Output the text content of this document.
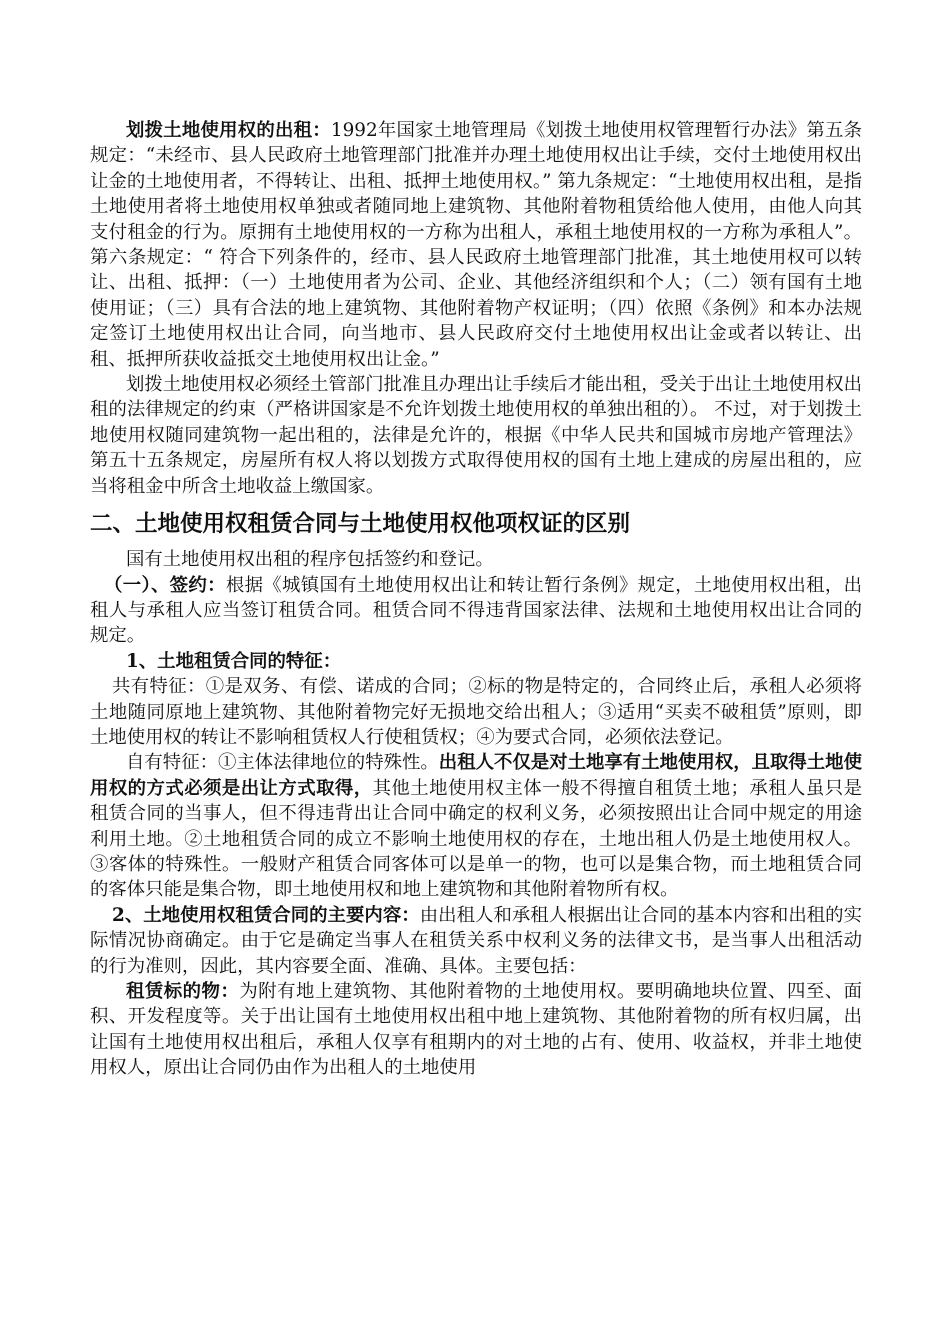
划拨土地使用权的出租：1992年国家土地管理局《划拨土地使用权管理暂行办法》第五条规定：“未经市、县人民政府土地管理部门批准并办理土地使用权出让手续，交付土地使用权出让金的土地使用者，不得转让、出租、抵押土地使用权。” 第九条规定：“土地使用权出租，是指土地使用者将土地使用权单独或者随同地上建筑物、其他附着物租赁给他人使用，由他人向其支付租金的行为。原拥有土地使用权的一方称为出租人，承租土地使用权的一方称为承租人”。第六条规定：“ 符合下列条件的，经市、县人民政府土地管理部门批准，其土地使用权可以转让、出租、抵押：（一）土地使用者为公司、企业、其他经济组织和个人；（二）领有国有土地使用证；（三）具有合法的地上建筑物、其他附着物产权证明；（四）依照《条例》和本办法规定签订土地使用权出让合同，向当地市、县人民政府交付土地使用权出让金或者以转让、出租、抵押所获收益抵交土地使用权出让金。”

划拨土地使用权必须经土管部门批准且办理出让手续后才能出租，受关于出让土地使用权出租的法律规定的约束（严格讲国家是不允许划拨土地使用权的单独出租的）。 不过，对于划拨土地使用权随同建筑物一起出租的，法律是允许的，根据《中华人民共和国城市房地产管理法》第五十五条规定，房屋所有权人将以划拨方式取得使用权的国有土地上建成的房屋出租的，应当将租金中所含土地收益上缴国家。

二、土地使用权租赁合同与土地使用权他项权证的区别

国有土地使用权出租的程序包括签约和登记。

（一）、签约：根据《城镇国有土地使用权出让和转让暂行条例》规定，土地使用权出租，出租人与承租人应当签订租赁合同。租赁合同不得违背国家法律、法规和土地使用权出让合同的规定。

1、土地租赁合同的特征：

共有特征：①是双务、有偿、诺成的合同；②标的物是特定的，合同终止后，承租人必须将土地随同原地上建筑物、其他附着物完好无损地交给出租人；③适用“买卖不破租赁”原则，即土地使用权的转让不影响租赁权人行使租赁权；④为要式合同，必须依法登记。

自有特征：①主体法律地位的特殊性。出租人不仅是对土地享有土地使用权，且取得土地使用权的方式必须是出让方式取得，其他土地使用权主体一般不得擅自租赁土地；承租人虽只是租赁合同的当事人，但不得违背出让合同中确定的权利义务，必须按照出让合同中规定的用途利用土地。②土地租赁合同的成立不影响土地使用权的存在，土地出租人仍是土地使用权人。③客体的特殊性。一般财产租赁合同客体可以是单一的物，也可以是集合物，而土地租赁合同的客体只能是集合物，即土地使用权和地上建筑物和其他附着物所有权。

2、土地使用权租赁合同的主要内容：由出租人和承租人根据出让合同的基本内容和出租的实际情况协商确定。由于它是确定当事人在租赁关系中权利义务的法律文书，是当事人出租活动的行为准则，因此，其内容要全面、准确、具体。主要包括：

租赁标的物：为附有地上建筑物、其他附着物的土地使用权。要明确地块位置、四至、面积、开发程度等。关于出让国有土地使用权出租中地上建筑物、其他附着物的所有权归属，出让国有土地使用权出租后，承租人仅享有租期内的对土地的占有、使用、收益权，并非土地使用权人，原出让合同仍由作为出租人的土地使用
